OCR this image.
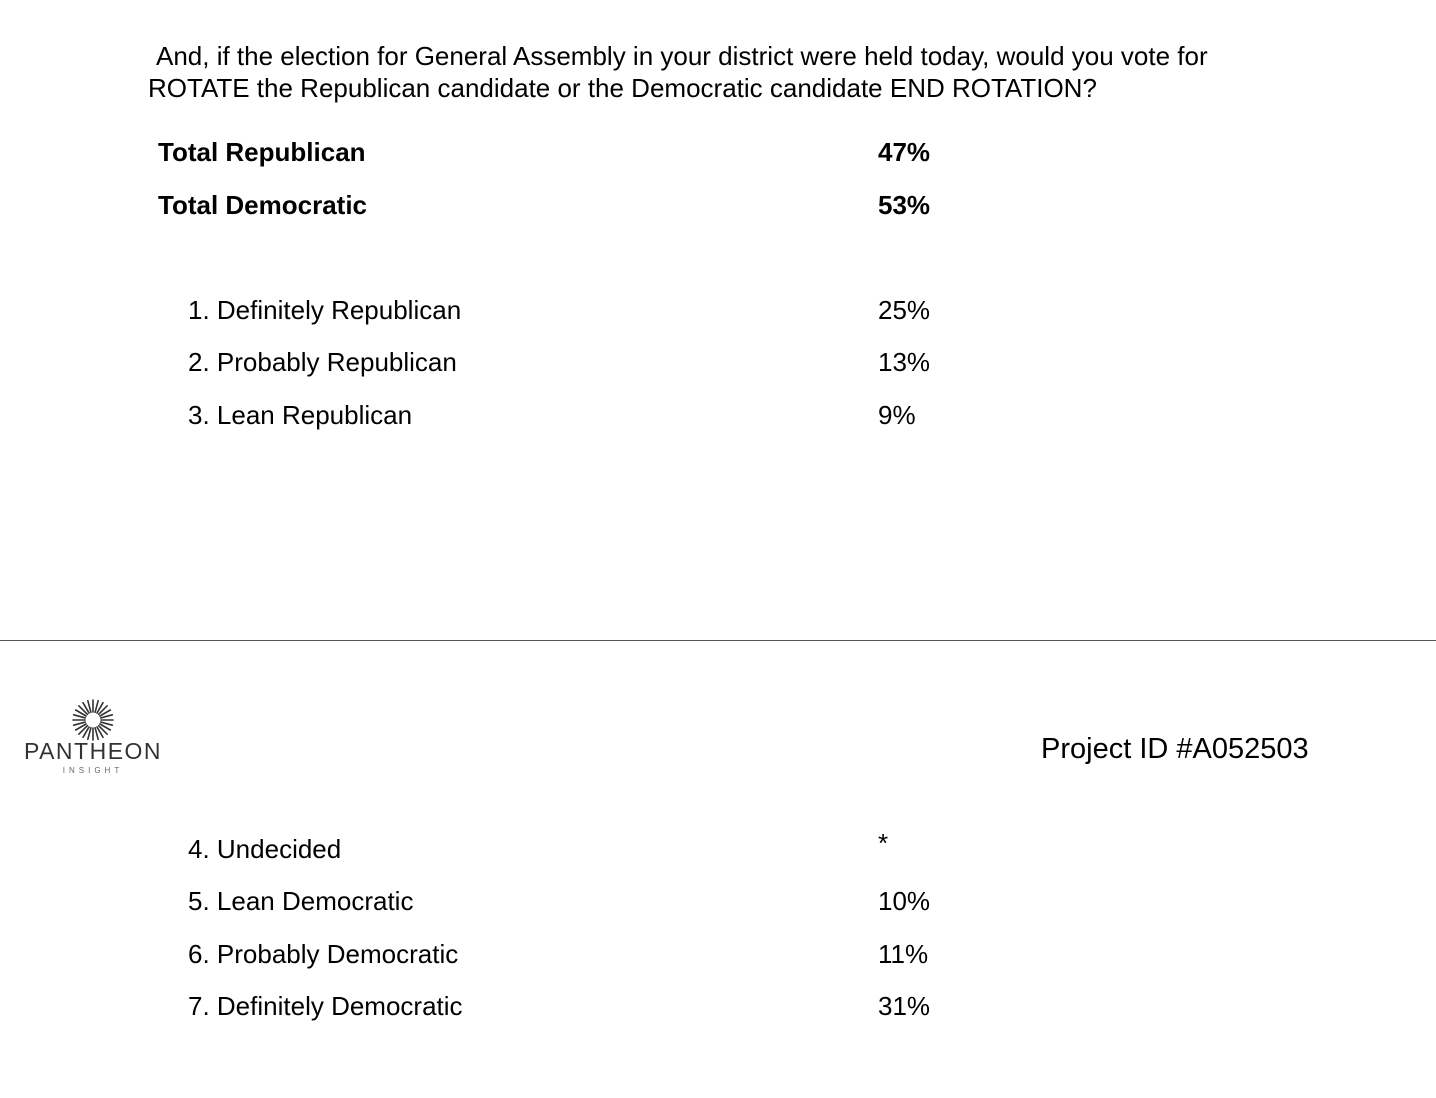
And, if the election for General Assembly in your district were held today, would you vote for
ROTATE the Republican candidate or the Democratic candidate END ROTATION?
Total Republican	47%
Total Democratic	53%
1. Definitely Republican	25%
2. Probably Republican	13%
3. Lean Republican	9%
PANTHEON
INSIGHT
Project ID #A052503
4. Undecided	*
5. Lean Democratic	10%
6. Probably Democratic	11%
7. Definitely Democratic	31%
